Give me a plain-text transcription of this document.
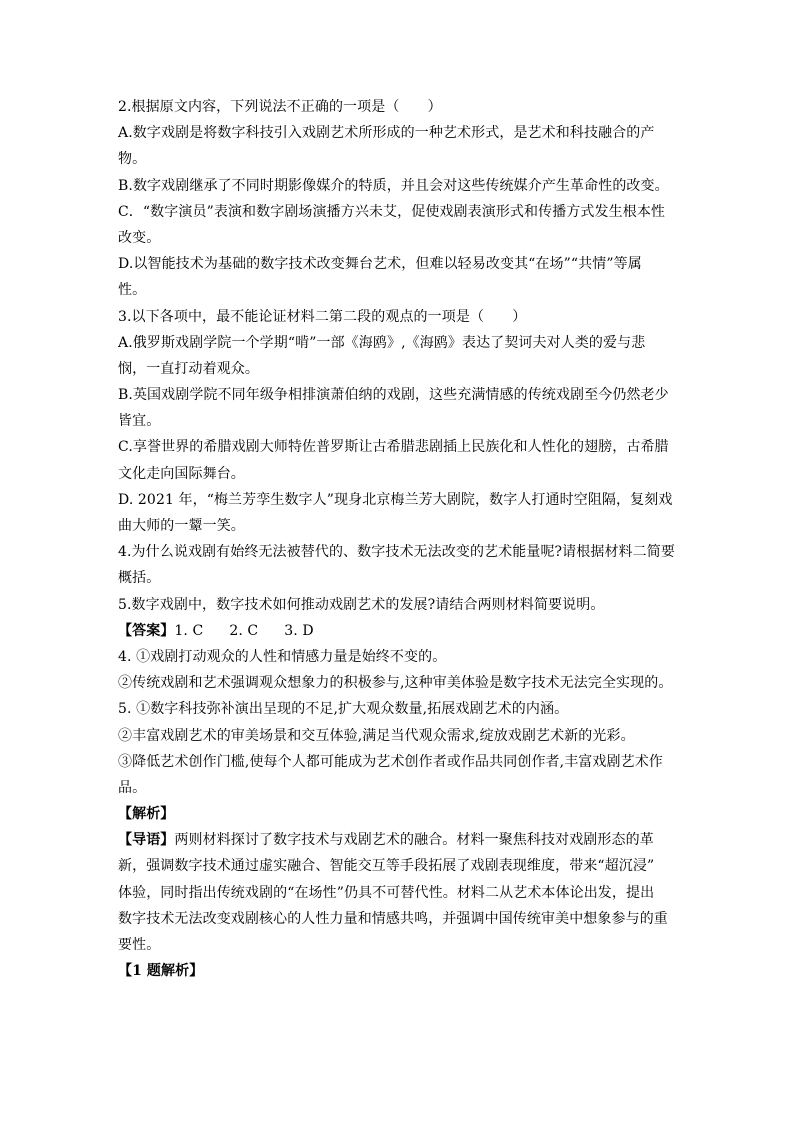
2.根据原文内容，下列说法不正确的一项是（　　）
A.数字戏剧是将数字科技引入戏剧艺术所形成的一种艺术形式，是艺术和科技融合的产
物。
B.数字戏剧继承了不同时期影像媒介的特质，并且会对这些传统媒介产生革命性的改变。
C．“数字演员”表演和数字剧场演播方兴未艾，促使戏剧表演形式和传播方式发生根本性
改变。
D.以智能技术为基础的数字技术改变舞台艺术，但难以轻易改变其“在场”“共情”等属
性。
3.以下各项中，最不能论证材料二第二段的观点的一项是（　　）
A.俄罗斯戏剧学院一个学期“啃”一部《海鸥》,《海鸥》表达了契诃夫对人类的爱与悲
悯，一直打动着观众。
B.英国戏剧学院不同年级争相排演萧伯纳的戏剧，这些充满情感的传统戏剧至今仍然老少
皆宜。
C.享誉世界的希腊戏剧大师特佐普罗斯让古希腊悲剧插上民族化和人性化的翅膀，古希腊
文化走向国际舞台。
D. 2021 年，“梅兰芳孪生数字人”现身北京梅兰芳大剧院，数字人打通时空阻隔，复刻戏
曲大师的一颦一笑。
4.为什么说戏剧有始终无法被替代的、数字技术无法改变的艺术能量呢?请根据材料二简要
概括。
5.数字戏剧中，数字技术如何推动戏剧艺术的发展?请结合两则材料简要说明。
【答案】1. C 2. C 3. D
4. ①戏剧打动观众的人性和情感力量是始终不变的。
②传统戏剧和艺术强调观众想象力的积极参与,这种审美体验是数字技术无法完全实现的。
5. ①数字科技弥补演出呈现的不足,扩大观众数量,拓展戏剧艺术的内涵。
②丰富戏剧艺术的审美场景和交互体验,满足当代观众需求,绽放戏剧艺术新的光彩。
③降低艺术创作门槛,使每个人都可能成为艺术创作者或作品共同创作者,丰富戏剧艺术作
品。
【解析】
【导语】两则材料探讨了数字技术与戏剧艺术的融合。材料一聚焦科技对戏剧形态的革
新，强调数字技术通过虚实融合、智能交互等手段拓展了戏剧表现维度，带来“超沉浸”
体验，同时指出传统戏剧的“在场性”仍具不可替代性。材料二从艺术本体论出发，提出
数字技术无法改变戏剧核心的人性力量和情感共鸣，并强调中国传统审美中想象参与的重
要性。
【1 题解析】
